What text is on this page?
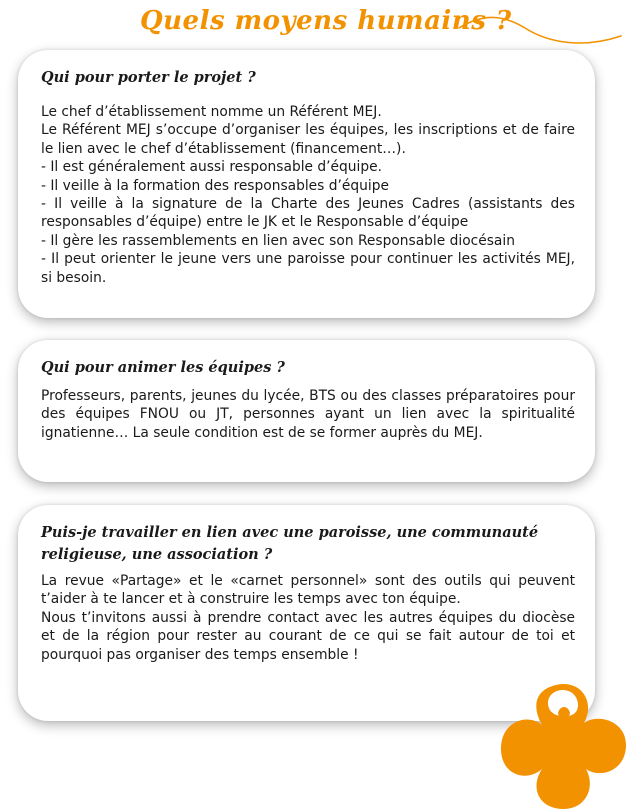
Quels moyens humains ?
Qui pour porter le projet ?

Le chef d’établissement nomme un Référent MEJ.
Le Référent MEJ s’occupe d’organiser les équipes, les inscriptions et de faire le lien avec le chef d’établissement (financement…).
- Il est généralement aussi responsable d’équipe.
- Il veille à la formation des responsables d’équipe
- Il veille à la signature de la Charte des Jeunes Cadres (assistants des responsables d’équipe) entre le JK et le Responsable d’équipe
- Il gère les rassemblements en lien avec son Responsable diocésain
- Il peut orienter le jeune vers une paroisse pour continuer les activités MEJ, si besoin.

Qui pour animer les équipes ?

Professeurs, parents, jeunes du lycée, BTS ou des classes préparatoires pour des équipes FNOU ou JT, personnes ayant un lien avec la spiritualité ignatienne… La seule condition est de se former auprès du MEJ.

Puis-je travailler en lien avec une paroisse, une communauté religieuse, une association ?

La revue «Partage» et le «carnet personnel» sont des outils qui peuvent t’aider à te lancer et à construire les temps avec ton équipe.
Nous t’invitons aussi à prendre contact avec les autres équipes du diocèse et de la région pour rester au courant de ce qui se fait autour de toi et pourquoi pas organiser des temps ensemble !
